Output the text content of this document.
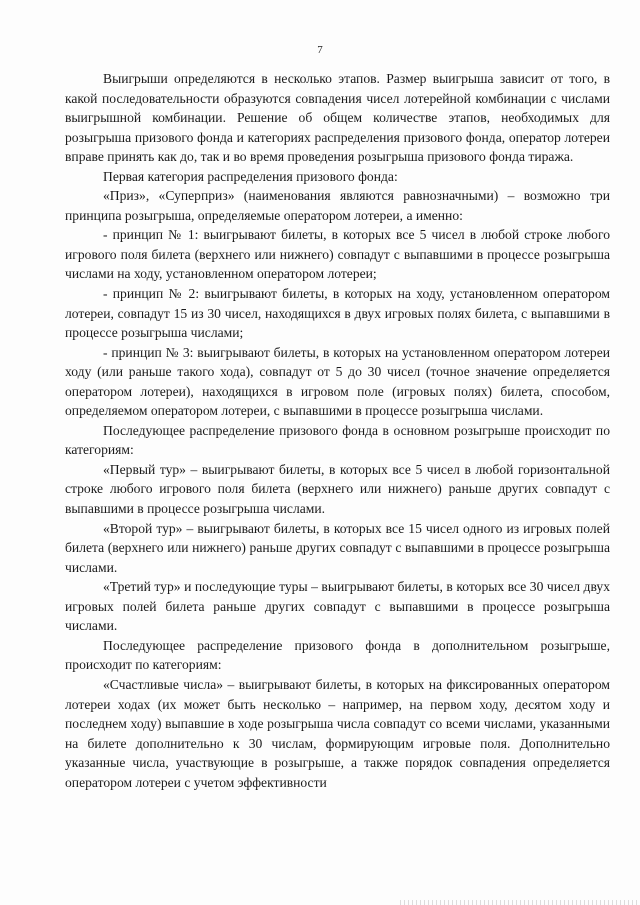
7

Выигрыши определяются в несколько этапов. Размер выигрыша зависит от того, в какой последовательности образуются совпадения чисел лотерейной комбинации с числами выигрышной комбинации. Решение об общем количестве этапов, необходимых для розыгрыша призового фонда и категориях распределения призового фонда, оператор лотереи вправе принять как до, так и во время проведения розыгрыша призового фонда тиража.

Первая категория распределения призового фонда:

«Приз», «Суперприз» (наименования являются равнозначными) – возможно три принципа розыгрыша, определяемые оператором лотереи, а именно:

- принцип № 1: выигрывают билеты, в которых все 5 чисел в любой строке любого игрового поля билета (верхнего или нижнего) совпадут с выпавшими в процессе розыгрыша числами на ходу, установленном оператором лотереи;

- принцип № 2: выигрывают билеты, в которых на ходу, установленном оператором лотереи, совпадут 15 из 30 чисел, находящихся в двух игровых полях билета, с выпавшими в процессе розыгрыша числами;

- принцип № 3: выигрывают билеты, в которых на установленном оператором лотереи ходу (или раньше такого хода), совпадут от 5 до 30 чисел (точное значение определяется оператором лотереи), находящихся в игровом поле (игровых полях) билета, способом, определяемом оператором лотереи, с выпавшими в процессе розыгрыша числами.

Последующее распределение призового фонда в основном розыгрыше происходит по категориям:

«Первый тур» – выигрывают билеты, в которых все 5 чисел в любой горизонтальной строке любого игрового поля билета (верхнего или нижнего) раньше других совпадут с выпавшими в процессе розыгрыша числами.

«Второй тур» – выигрывают билеты, в которых все 15 чисел одного из игровых полей билета (верхнего или нижнего) раньше других совпадут с выпавшими в процессе розыгрыша числами.

«Третий тур» и последующие туры – выигрывают билеты, в которых все 30 чисел двух игровых полей билета раньше других совпадут с выпавшими в процессе розыгрыша числами.

Последующее распределение призового фонда в дополнительном розыгрыше, происходит по категориям:

«Счастливые числа» – выигрывают билеты, в которых на фиксированных оператором лотереи ходах (их может быть несколько – например, на первом ходу, десятом ходу и последнем ходу) выпавшие в ходе розыгрыша числа совпадут со всеми числами, указанными на билете дополнительно к 30 числам, формирующим игровые поля. Дополнительно указанные числа, участвующие в розыгрыше, а также порядок совпадения определяется оператором лотереи с учетом эффективности
